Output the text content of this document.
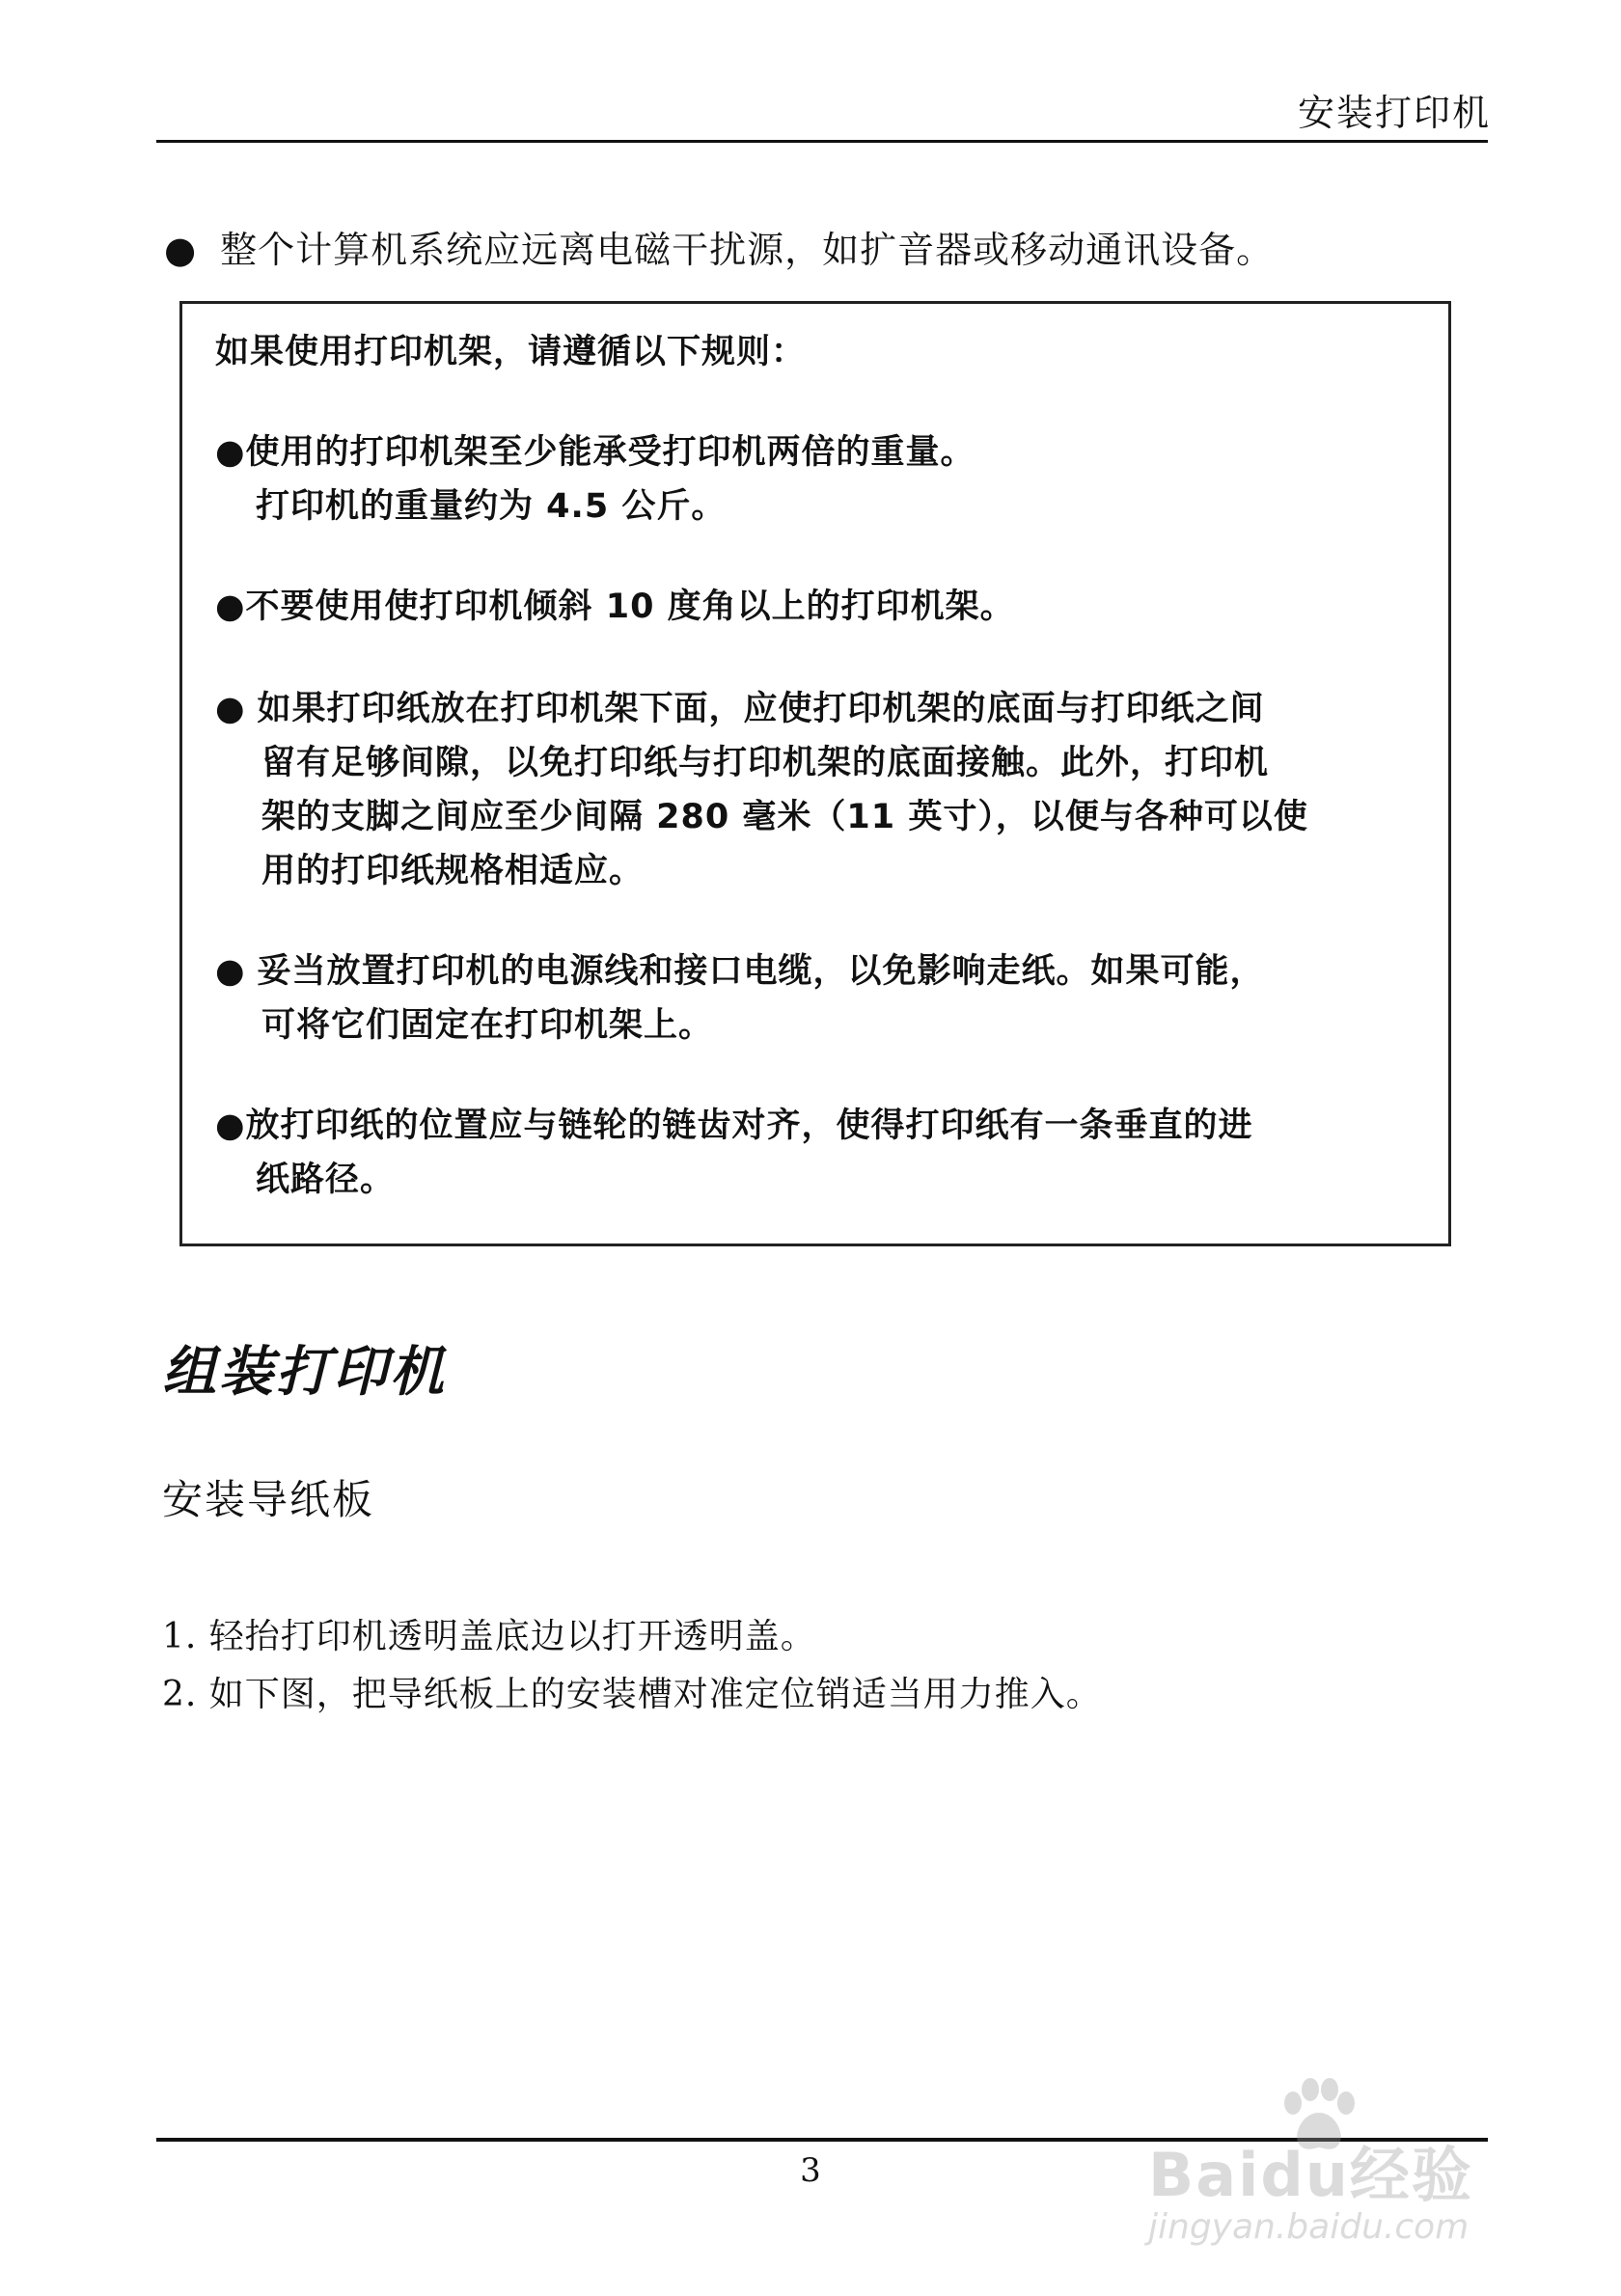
安装打印机
● 整个计算机系统应远离电磁干扰源，如扩音器或移动通讯设备。
如果使用打印机架，请遵循以下规则：
●使用的打印机架至少能承受打印机两倍的重量。
打印机的重量约为 4.5 公斤。
●不要使用使打印机倾斜 10 度角以上的打印机架。
● 如果打印纸放在打印机架下面，应使打印机架的底面与打印纸之间
留有足够间隙，以免打印纸与打印机架的底面接触。此外，打印机
架的支脚之间应至少间隔 280 毫米（11 英寸），以便与各种可以使
用的打印纸规格相适应。
● 妥当放置打印机的电源线和接口电缆，以免影响走纸。如果可能，
可将它们固定在打印机架上。
●放打印纸的位置应与链轮的链齿对齐，使得打印纸有一条垂直的进
纸路径。
组装打印机
安装导纸板
1. 轻抬打印机透明盖底边以打开透明盖。
2. 如下图，把导纸板上的安装槽对准定位销适当用力推入。
3	Baidu经验
jingyan.baidu.com
